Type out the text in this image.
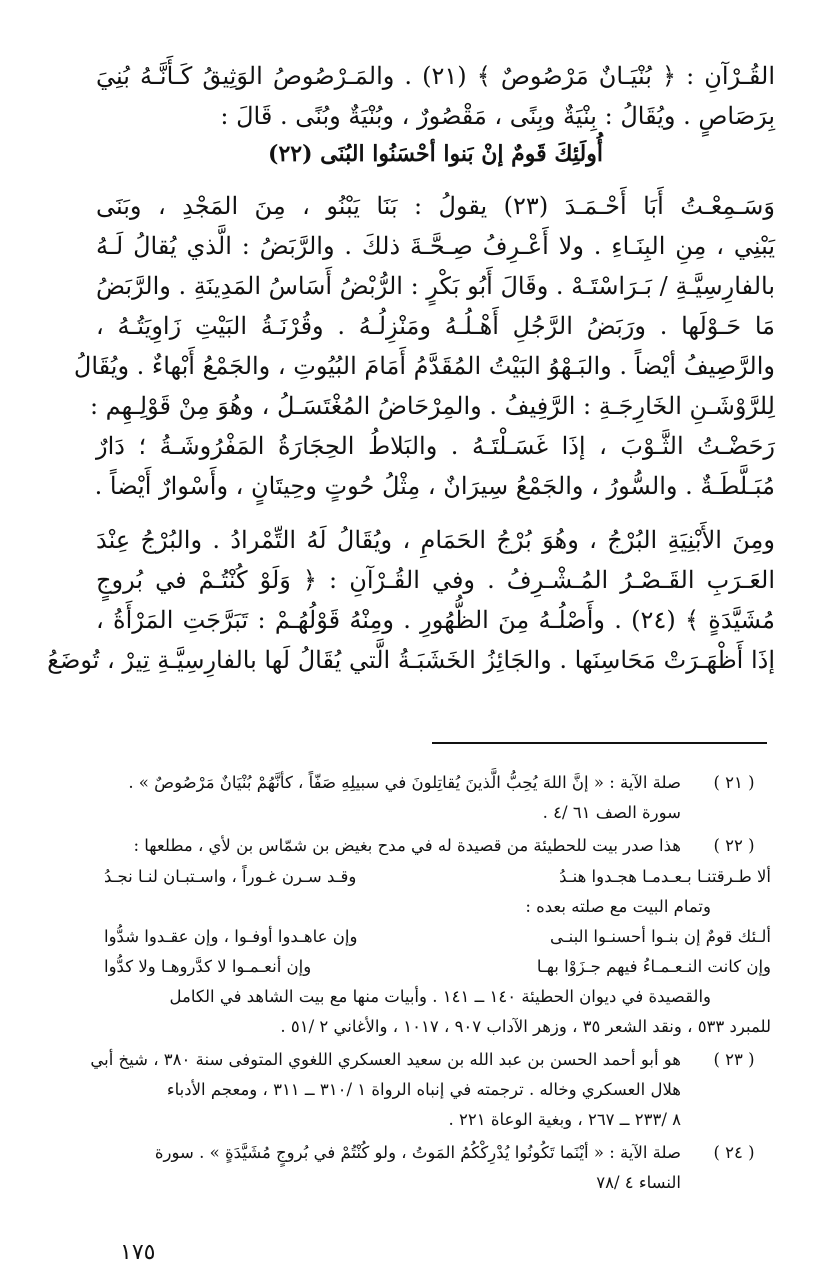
القُـرْآنِ : ﴿ بُنْيَـانٌ مَرْصُوصٌ ﴾ (٢١) . والمَـرْصُوصُ الوَثِيقُ كَـأَنَّـهُ بُنِيَ
بِرَصَاصٍ . ويُقَالُ : بِنْيَةٌ وبِنًى ، مَقْصُورٌ ، وبُنْيَةٌ وبُنًى . قَالَ :
أُولَئِكَ قَومٌ إنْ بَنوا أحْسَنُوا البُنَى (٢٢)
وَسَـمِعْـتُ أَبَا أَحْـمَـدَ (٢٣) يقولُ : بَنَا يَبْنُو ، مِنَ المَجْدِ ، وبَنَى
يَبْنِي ، مِنِ البِنَـاءِ . ولا أَعْـرِفُ صِـحَّـةَ ذلكَ . والرَّبَضُ : الَّذي يُقالُ لَـهُ
بالفارِسِيَّـةِ / بَـرَاسْتَـهْ . وقَالَ أَبُو بَكْرٍ : الرُّبْضُ أَسَاسُ المَدِينَةِ . والرَّبَضُ
مَا حَـوْلَها . ورَبَضُ الرَّجُلِ أَهْـلُـهُ ومَنْزِلُـهُ . وقُرْنَـةُ البَيْتِ زَاوِيَتُـهُ ،
والرَّصِيفُ أيْضاً . والبَـهْوُ البَيْتُ المُقَدَّمُ أَمَامَ البُيُوتِ ، والجَمْعُ أَبْهاءٌ . ويُقَالُ
لِلرَّوْشَـنِ الخَارِجَـةِ : الرَّفِيفُ . والمِرْحَاضُ المُغْتَسَـلُ ، وهُوَ مِنْ قَوْلِـهِم :
رَحَضْـتُ الثَّـوْبَ ، إذَا غَسَـلْتَـهُ . والبَلاطُ الحِجَارَةُ المَفْرُوشَـةُ ؛ دَارٌ
مُبَـلَّطَـةٌ . والسُّورُ ، والجَمْعُ سِيرَانٌ ، مِثْلُ حُوتٍ وحِيتَانٍ ، وأَسْوارٌ أَيْضاً .
ومِنَ الأَبْنِيَةِ البُرْجُ ، وهُوَ بُرْجُ الحَمَامِ ، ويُقَالُ لَهُ التِّمْرادُ . والبُرْجُ عِنْدَ
العَـرَبِ القَـصْـرُ المُـشْـرِفُ . وفي القُـرْآنِ : ﴿ وَلَوْ كُنْتُـمْ في بُروجٍ
مُشَيَّدَةٍ ﴾ (٢٤) . وأَصْلُـهُ مِنَ الظُّهُورِ . ومِنْهُ قَوْلُهُـمْ : تَبَرَّجَتِ المَرْأَةُ ،
إذَا أَظْهَـرَتْ مَحَاسِنَها . والجَائِزُ الخَشَبَـةُ الَّتي يُقَالُ لَها بالفارِسِيَّـةِ تِيرْ ، تُوضَعُ
( ٢١ )
صلة الآية : « إنَّ اللهَ يُحِبُّ الَّذينَ يُقاتِلونَ في سبيلِهِ صَفّاً ، كأنَّهُمْ بُنْيَانٌ مَرْصُوصٌ » .
سورة الصف ٦١ /٤ .
( ٢٢ )
هذا صدر بيت للحطيئة من قصيدة له في مدح بغيض بن شمّاس بن لأي ، مطلعها :
ألا طـرقتنـا بـعـدمـا هجـدوا هنـدُ
وقـد سـرن غـوراً ، واسـتبـان لنـا نجـدُ
وتمام البيت مع صلته بعده :
ألـئك قومٌ إن بنـوا أحسنـوا البنـى
وإن عاهـدوا أوفـوا ، وإن عقـدوا شدُّوا
وإن كانت النـعـمـاءُ فيهم جـزَوْا بهـا
وإن أنعـمـوا لا كدَّروهـا ولا كدُّوا
والقصيدة في ديوان الحطيئة ١٤٠ ــ ١٤١ . وأبيات منها مع بيت الشاهد في الكامل
للمبرد ٥٣٣ ، ونقد الشعر ٣٥ ، وزهر الآداب ٩٠٧ ، ١٠١٧ ، والأغاني ٢ /٥١ .
( ٢٣ )
هو أبو أحمد الحسن بن عبد الله بن سعيد العسكري اللغوي المتوفى سنة ٣٨٠ ، شيخ أبي
هلال العسكري وخاله . ترجمته في إنباه الرواة ١ /٣١٠ ــ ٣١١ ، ومعجم الأدباء
٨ /٢٣٣ ــ ٢٦٧ ، وبغية الوعاة ٢٢١ .
( ٢٤ )
صلة الآية : « أيْنَما تَكُونُوا يُدْرِكْكُمُ المَوتُ ، ولو كُنْتُمْ في بُروجٍ مُشَيَّدَةٍ » . سورة
النساء ٤ /٧٨
١٧٥
